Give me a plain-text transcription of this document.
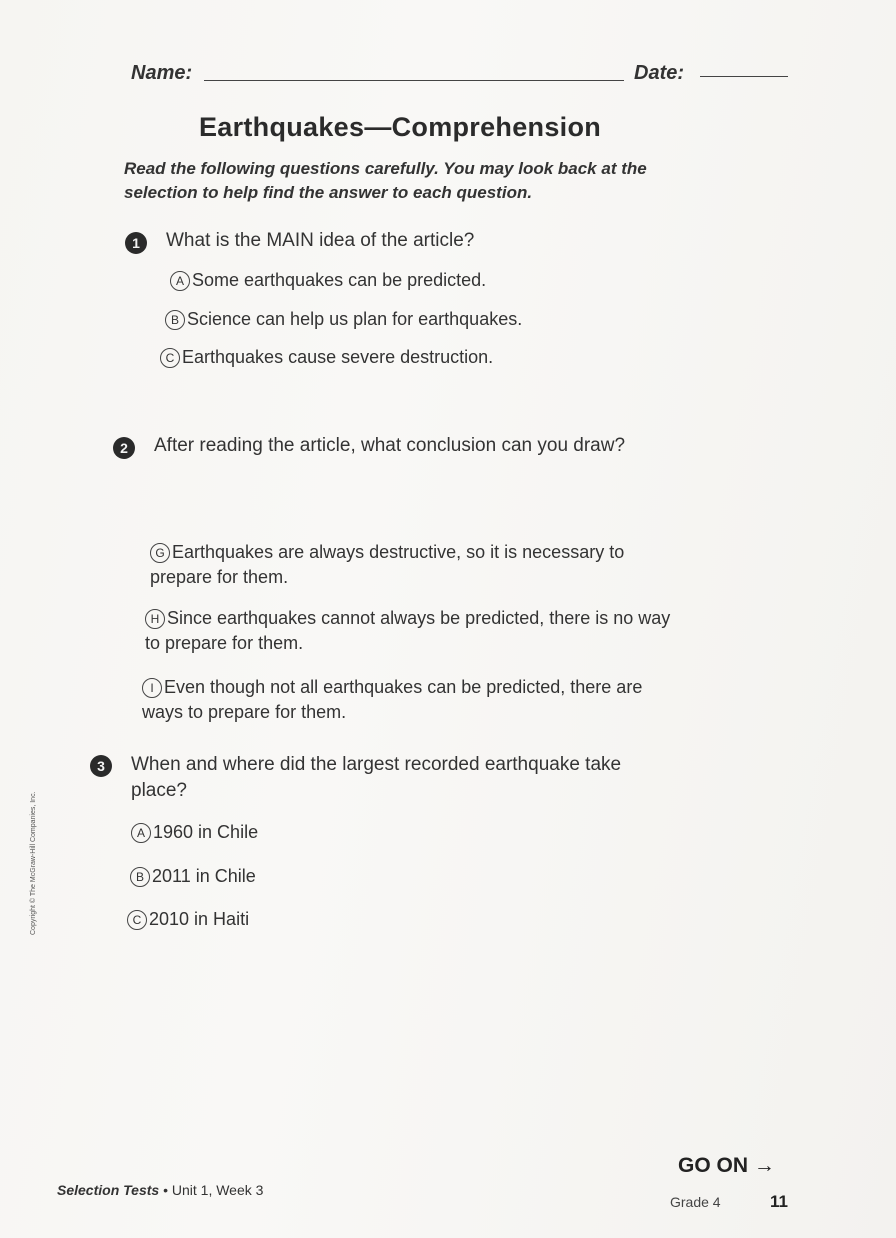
Name:	Date:
Earthquakes—Comprehension
Read the following questions carefully. You may look back at the selection to help find the answer to each question.
1	What is the MAIN idea of the article?
A Some earthquakes can be predicted.
B Science can help us plan for earthquakes.
C Earthquakes cause severe destruction.
2	After reading the article, what conclusion can you draw?
G Earthquakes are always destructive, so it is necessary to prepare for them.
H Since earthquakes cannot always be predicted, there is no way to prepare for them.
I Even though not all earthquakes can be predicted, there are ways to prepare for them.
3	When and where did the largest recorded earthquake take place?
A 1960 in Chile
B 2011 in Chile
C 2010 in Haiti
Copyright © The McGraw-Hill Companies, Inc.
GO ON →
Selection Tests • Unit 1, Week 3
Grade 4	11
